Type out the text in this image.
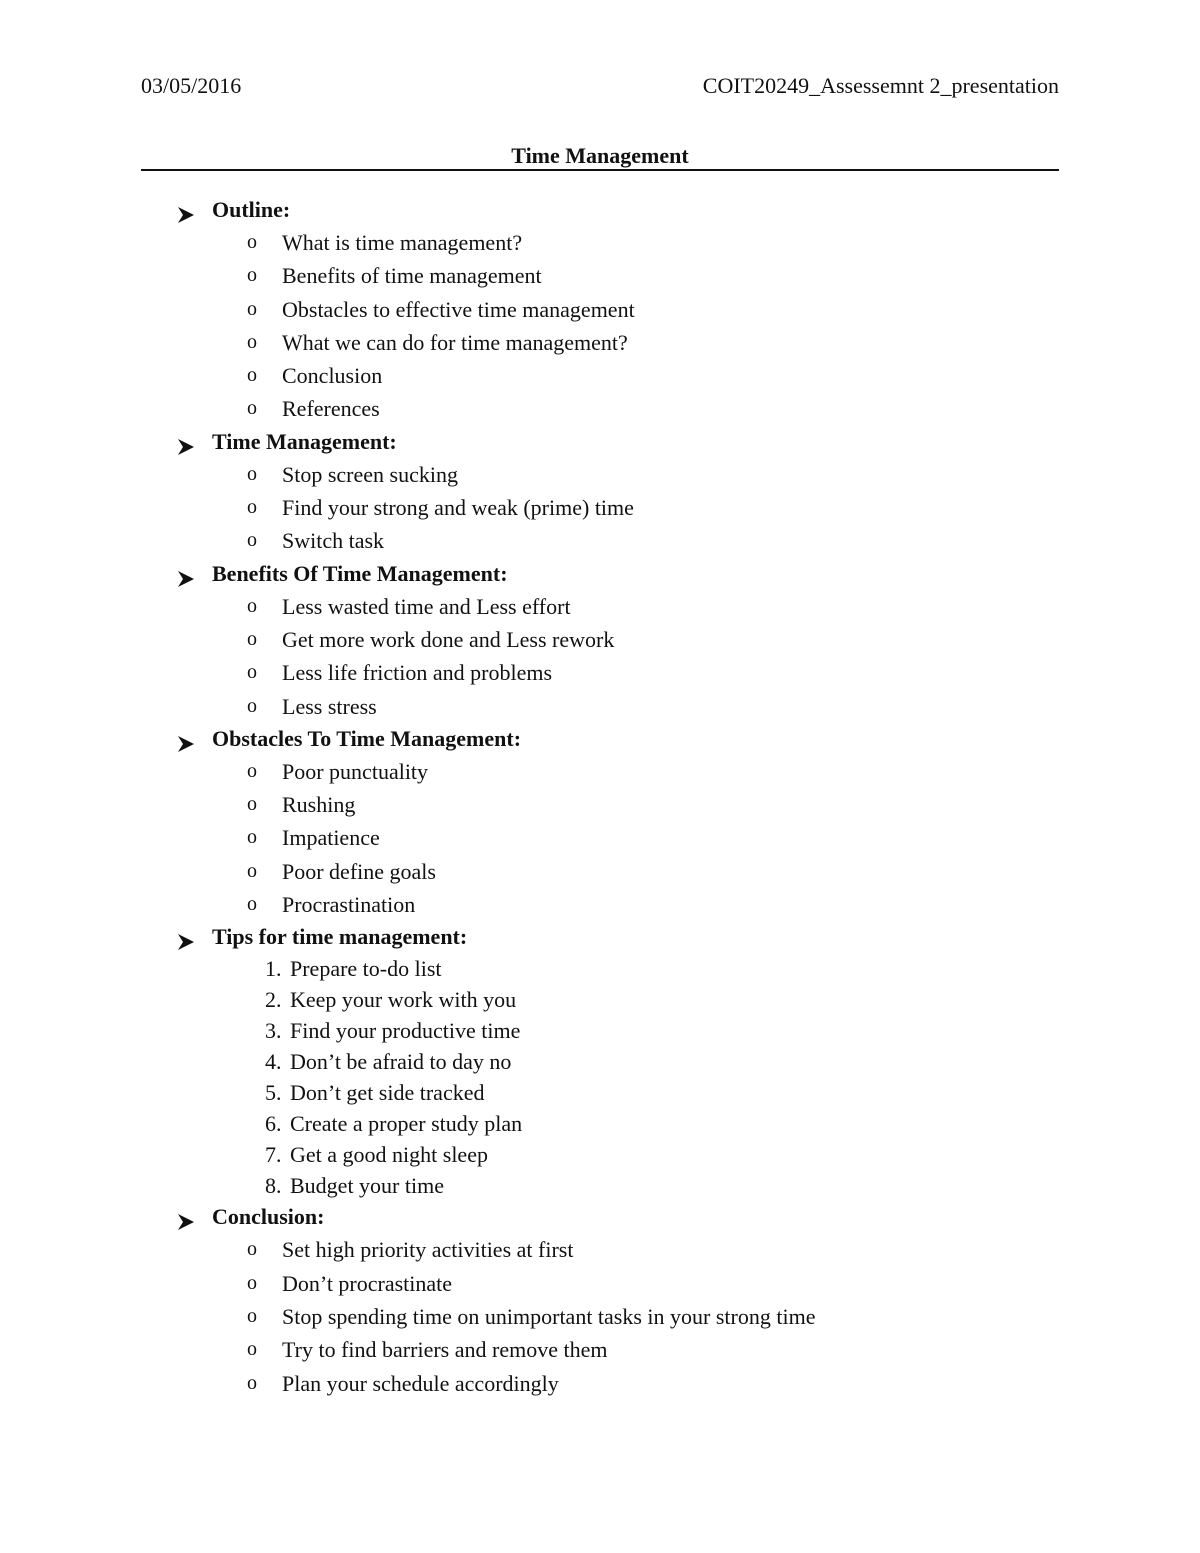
03/05/2016	COIT20249_Assessemnt 2_presentation
Time Management
Outline:
o What is time management?
o Benefits of time management
o Obstacles to effective time management
o What we can do for time management?
o Conclusion
o References
Time Management:
o Stop screen sucking
o Find your strong and weak (prime) time
o Switch task
Benefits Of Time Management:
o Less wasted time and Less effort
o Get more work done and Less rework
o Less life friction and problems
o Less stress
Obstacles To Time Management:
o Poor punctuality
o Rushing
o Impatience
o Poor define goals
o Procrastination
Tips for time management:
1. Prepare to-do list
2. Keep your work with you
3. Find your productive time
4. Don’t be afraid to day no
5. Don’t get side tracked
6. Create a proper study plan
7. Get a good night sleep
8. Budget your time
Conclusion:
o Set high priority activities at first
o Don’t procrastinate
o Stop spending time on unimportant tasks in your strong time
o Try to find barriers and remove them
o Plan your schedule accordingly
